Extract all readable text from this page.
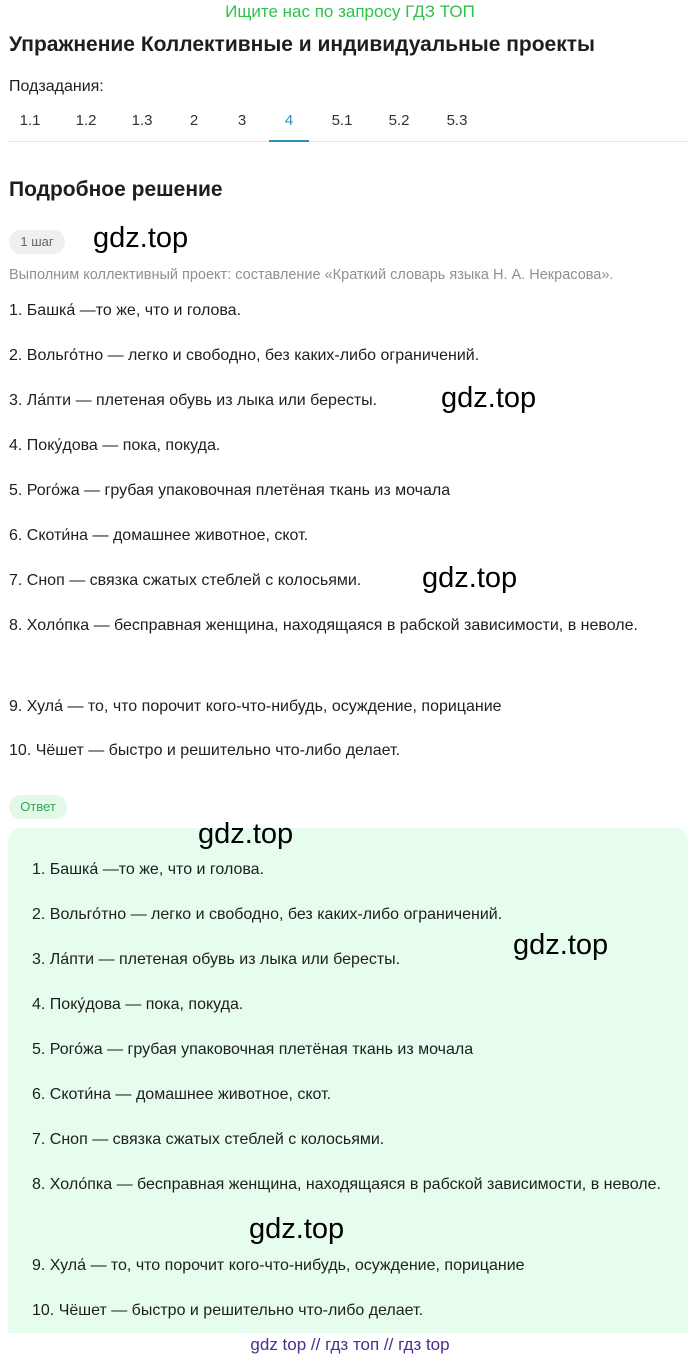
Ищите нас по запросу ГДЗ ТОП
Упражнение Коллективные и индивидуальные проекты
Подзадания:
1.1	1.2	1.3	2	3	4	5.1	5.2	5.3
Подробное решение
1 шаг	gdz.top
Выполним коллективный проект: составление «Краткий словарь языка Н. А. Некрасова».
1. Башка́ —то же, что и голова.
2. Вольго́тно — легко и свободно, без каких-либо ограничений.
3. Ла́пти — плетеная обувь из лыка или бересты.
4. Поку́дова — пока, покуда.
5. Рого́жа — грубая упаковочная плетёная ткань из мочала
6. Скоти́на — домашнее животное, скот.
7. Сноп — связка сжатых стеблей с колосьями.
8. Холо́пка — бесправная женщина, находящаяся в рабской зависимости, в неволе.
9. Хула́ — то, что порочит кого-что-нибудь, осуждение, порицание
10. Чёшет — быстро и решительно что-либо делает.
gdz.top
gdz.top
Ответ
1. Башка́ —то же, что и голова.
2. Вольго́тно — легко и свободно, без каких-либо ограничений.
3. Ла́пти — плетеная обувь из лыка или бересты.
4. Поку́дова — пока, покуда.
5. Рого́жа — грубая упаковочная плетёная ткань из мочала
6. Скоти́на — домашнее животное, скот.
7. Сноп — связка сжатых стеблей с колосьями.
8. Холо́пка — бесправная женщина, находящаяся в рабской зависимости, в неволе.
9. Хула́ — то, что порочит кого-что-нибудь, осуждение, порицание
10. Чёшет — быстро и решительно что-либо делает.
gdz.top
gdz.top
gdz.top
gdz top // гдз топ // гдз top
